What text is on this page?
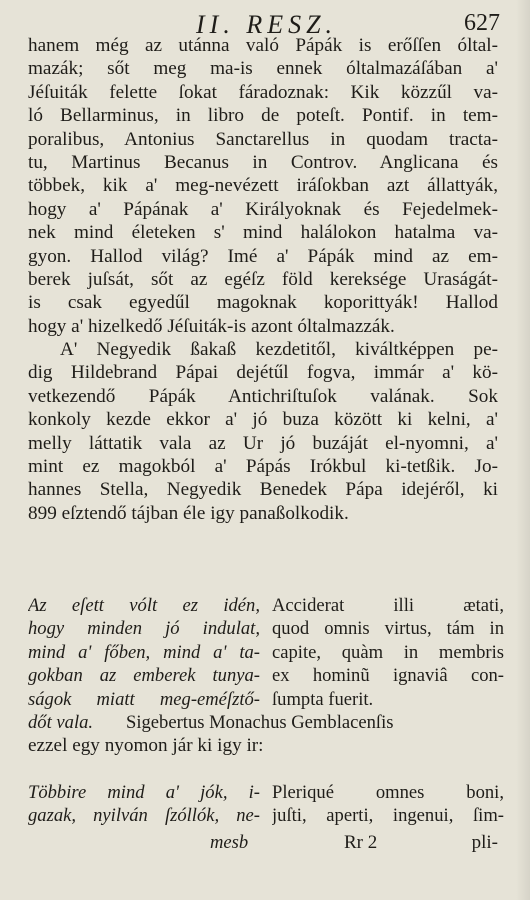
II. RESZ.	627
hanem még az utánna való Pápák is erőſſen óltal-
mazák; sőt meg ma-is ennek óltalmazáſában a'
Jéſuiták felette ſokat fáradoznak: Kik közzűl va-
ló Bellarminus, in libro de poteſt. Pontif. in tem-
poralibus, Antonius Sanctarellus in quodam tracta-
tu, Martinus Becanus in Controv. Anglicana és
többek, kik a' meg-nevézett iráſokban azt állattyák,
hogy a' Pápának a' Királyoknak és Fejedelmek-
nek mind életeken s' mind halálokon hatalma va-
gyon. Hallod világ? Imé a' Pápák mind az em-
berek juſsát, sőt az egéſz föld kereksége Uraságát-
is csak egyedűl magoknak koporittyák! Hallod
hogy a' hizelkedő Jéſuiták-is azont óltalmazzák.
A' Negyedik ßakaß kezdetitől, kiváltképpen pe-
dig Hildebrand Pápai dejétűl fogva, immár a' kö-
vetkezendő Pápák Antichriſtuſok valának. Sok
konkoly kezde ekkor a' jó buza között ki kelni, a'
melly láttatik vala az Ur jó buzáját el-nyomni, a'
mint ez magokból a' Pápás Irókbul ki-tetßik. Jo-
hannes Stella, Negyedik Benedek Pápa idejéről, ki
899 eſztendő tájban éle igy panaßolkodik.
Az eſett vólt ez idén, Acciderat illi ætati,
hogy minden jó indulat, quod omnis virtus, tám in
mind a' főben, mind a' ta- capite, quàm in membris
gokban az emberek tunya- ex hominũ ignaviâ con-
ságok miatt meg-eméſztő- ſumpta fuerit.
dőt vala.	Sigebertus Monachus Gemblacenſis
ezzel egy nyomon jár ki igy ir:
Többire mind a' jók, i- Pleriqué omnes boni,
gazak, nyilván ſzóllók, ne- juſti, aperti, ingenui, ſim-
mesb	Rr 2	pli-
